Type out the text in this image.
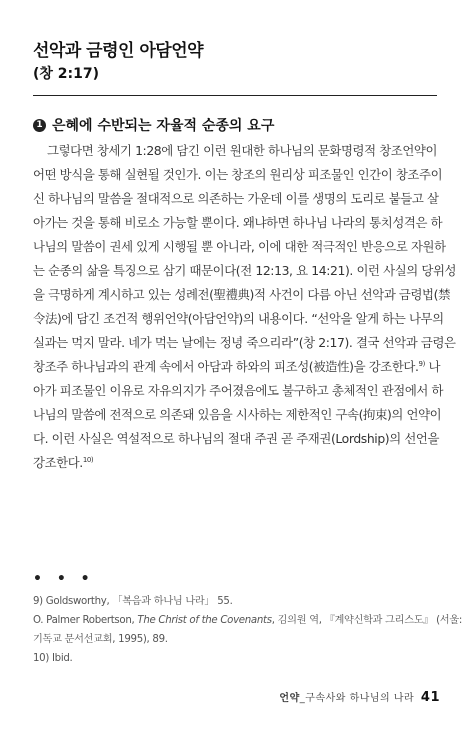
선악과 금령인 아담언약
(창 2:17)
1 은혜에 수반되는 자율적 순종의 요구
그렇다면 창세기 1:28에 담긴 이런 원대한 하나님의 문화명령적 창조언약이
어떤 방식을 통해 실현될 것인가. 이는 창조의 원리상 피조물인 인간이 창조주이
신 하나님의 말씀을 절대적으로 의존하는 가운데 이를 생명의 도리로 붙들고 살
아가는 것을 통해 비로소 가능할 뿐이다. 왜냐하면 하나님 나라의 통치성격은 하
나님의 말씀이 권세 있게 시행될 뿐 아니라, 이에 대한 적극적인 반응으로 자원하
는 순종의 삶을 특징으로 삼기 때문이다(전 12:13, 요 14:21). 이런 사실의 당위성
을 극명하게 계시하고 있는 성례전(聖禮典)적 사건이 다름 아닌 선악과 금령법(禁
令法)에 담긴 조건적 행위언약(아담언약)의 내용이다. “선악을 알게 하는 나무의
실과는 먹지 말라. 네가 먹는 날에는 정녕 죽으리라”(창 2:17). 결국 선악과 금령은
창조주 하나님과의 관계 속에서 아담과 하와의 피조성(被造性)을 강조한다.$^{9)}$ 나
아가 피조물인 이유로 자유의지가 주어졌음에도 불구하고 총체적인 관점에서 하
나님의 말씀에 전적으로 의존돼 있음을 시사하는 제한적인 구속(拘束)의 언약이
다. 이런 사실은 역설적으로 하나님의 절대 주권 곧 주재권(Lordship)의 선언을
강조한다.$^{10)}$
• • •
9) Goldsworthy, 「복음과 하나님 나라」 55.
O. Palmer Robertson, The Christ of the Covenants, 김의원 역, 『계약신학과 그리스도』 (서울:
기독교 문서선교회, 1995), 89.
10) Ibid.
언약_구속사와 하나님의 나라 41
